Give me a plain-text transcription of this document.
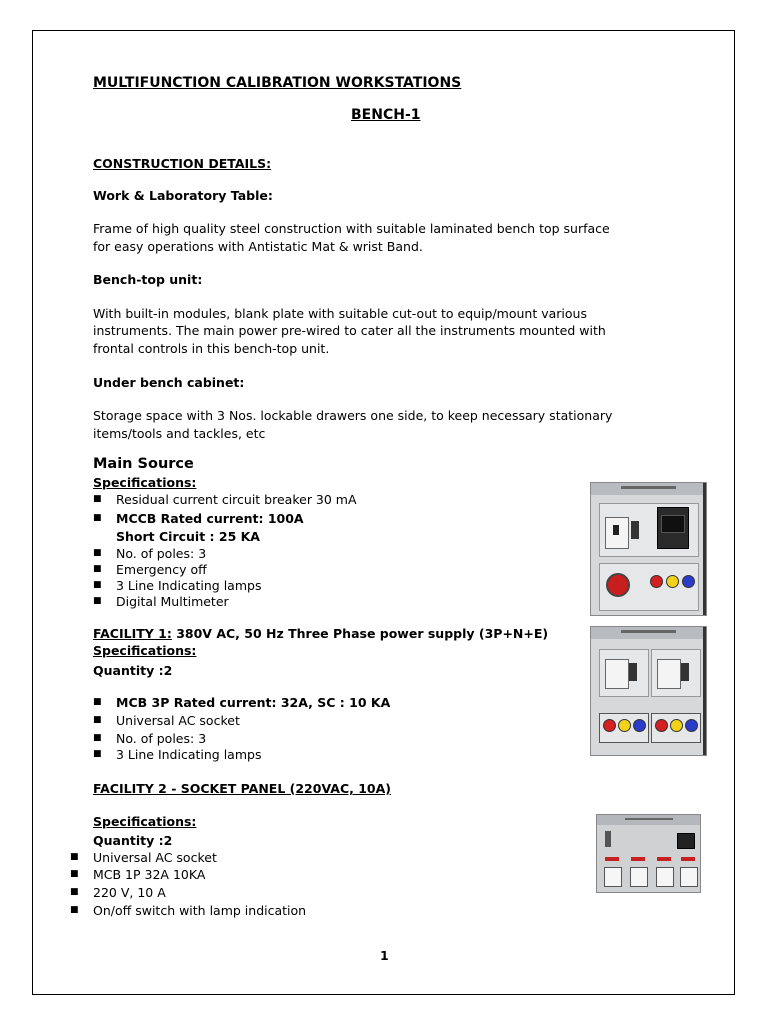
MULTIFUNCTION CALIBRATION WORKSTATIONS
BENCH-1
CONSTRUCTION DETAILS:
Work & Laboratory Table:
Frame of high quality steel construction with suitable laminated bench top surface
for easy operations with Antistatic Mat & wrist Band.
Bench-top unit:
With built-in modules, blank plate with suitable cut-out to equip/mount various
instruments. The main power pre-wired to cater all the instruments mounted with
frontal controls in this bench-top unit.
Under bench cabinet:
Storage space with 3 Nos. lockable drawers one side, to keep necessary stationary
items/tools and tackles, etc
Main Source
Specifications:
■ Residual current circuit breaker 30 mA
■ MCCB Rated current: 100A
Short Circuit : 25 KA
■ No. of poles: 3
■ Emergency off
■ 3 Line Indicating lamps
■ Digital Multimeter
FACILITY 1: 380V AC, 50 Hz Three Phase power supply (3P+N+E)
Specifications:
Quantity :2
■ MCB 3P Rated current: 32A, SC : 10 KA
■ Universal AC socket
■ No. of poles: 3
■ 3 Line Indicating lamps
FACILITY 2 - SOCKET PANEL (220VAC, 10A)
Specifications:
Quantity :2
■ Universal AC socket
■ MCB 1P 32A 10KA
■ 220 V, 10 A
■ On/off switch with lamp indication
1
